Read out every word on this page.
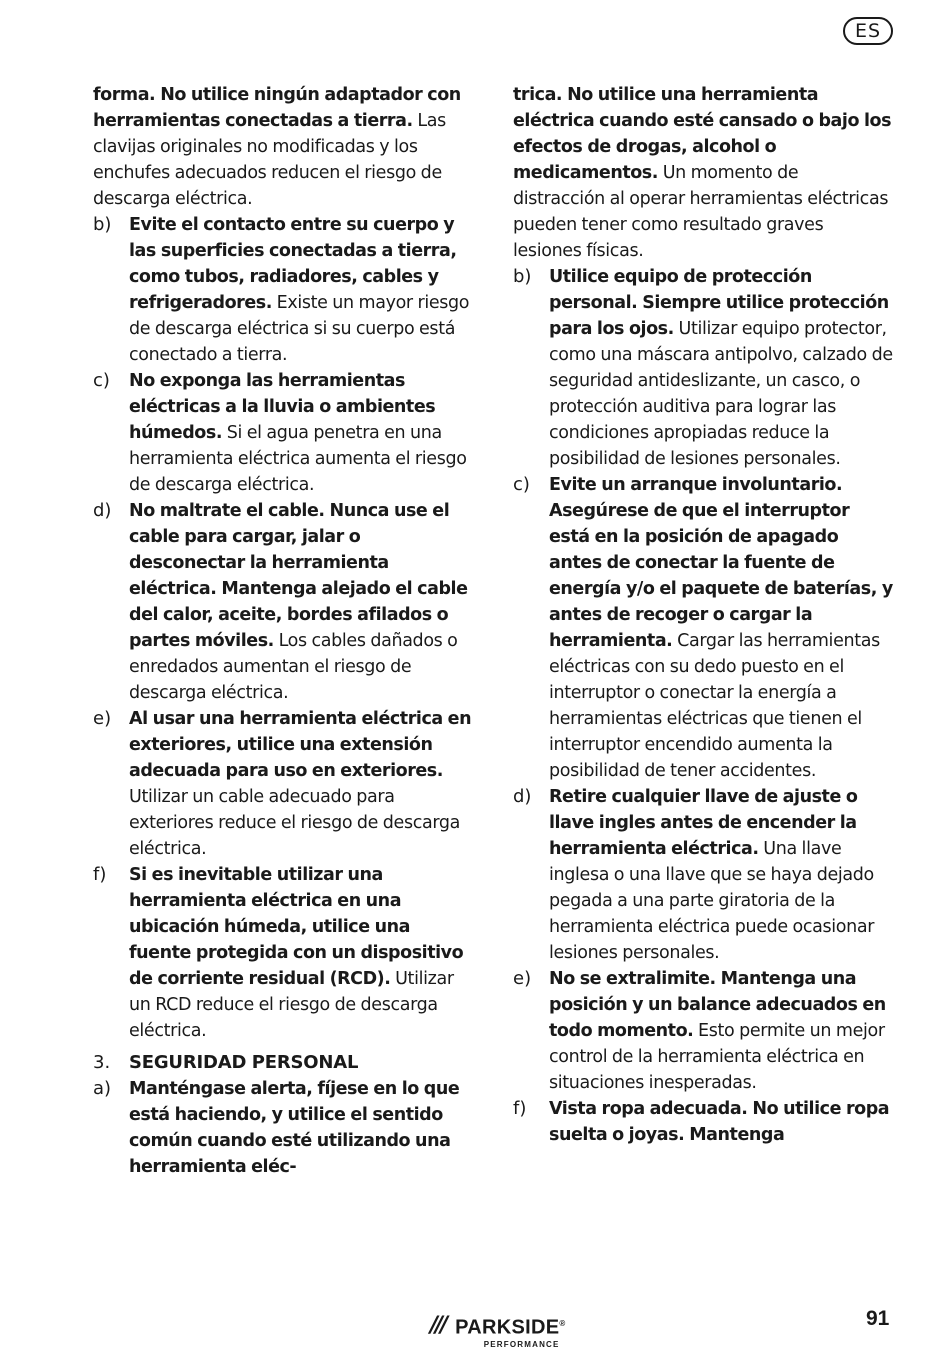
ES

forma. No utilice ningún adaptador con herramientas conectadas a tierra. Las clavijas originales no modificadas y los enchufes adecuados reducen el riesgo de descarga eléctrica.

b) Evite el contacto entre su cuerpo y las superficies conectadas a tierra, como tubos, radiadores, cables y refrigeradores. Existe un mayor riesgo de descarga eléctrica si su cuerpo está conectado a tierra.

c) No exponga las herramientas eléctricas a la lluvia o ambientes húmedos. Si el agua penetra en una herramienta eléctrica aumenta el riesgo de descarga eléctrica.

d) No maltrate el cable. Nunca use el cable para cargar, jalar o desconectar la herramienta eléctrica. Mantenga alejado el cable del calor, aceite, bordes afilados o partes móviles. Los cables dañados o enredados aumentan el riesgo de descarga eléctrica.

e) Al usar una herramienta eléctrica en exteriores, utilice una extensión adecuada para uso en exteriores. Utilizar un cable adecuado para exteriores reduce el riesgo de descarga eléctrica.

f) Si es inevitable utilizar una herramienta eléctrica en una ubicación húmeda, utilice una fuente protegida con un dispositivo de corriente residual (RCD). Utilizar un RCD reduce el riesgo de descarga eléctrica.

3. SEGURIDAD PERSONAL

a) Manténgase alerta, fíjese en lo que está haciendo, y utilice el sentido común cuando esté utilizando una herramienta eléc-

trica. No utilice una herramienta eléctrica cuando esté cansado o bajo los efectos de drogas, alcohol o medicamentos. Un momento de distracción al operar herramientas eléctricas pueden tener como resultado graves lesiones físicas.

b) Utilice equipo de protección personal. Siempre utilice protección para los ojos. Utilizar equipo protector, como una máscara antipolvo, calzado de seguridad antideslizante, un casco, o protección auditiva para lograr las condiciones apropiadas reduce la posibilidad de lesiones personales.

c) Evite un arranque involuntario. Asegúrese de que el interruptor está en la posición de apagado antes de conectar la fuente de energía y/o el paquete de baterías, y antes de recoger o cargar la herramienta. Cargar las herramientas eléctricas con su dedo puesto en el interruptor o conectar la energía a herramientas eléctricas que tienen el interruptor encendido aumenta la posibilidad de tener accidentes.

d) Retire cualquier llave de ajuste o llave ingles antes de encender la herramienta eléctrica. Una llave inglesa o una llave que se haya dejado pegada a una parte giratoria de la herramienta eléctrica puede ocasionar lesiones personales.

e) No se extralimite. Mantenga una posición y un balance adecuados en todo momento. Esto permite un mejor control de la herramienta eléctrica en situaciones inesperadas.

f) Vista ropa adecuada. No utilice ropa suelta o joyas. Mantenga

/// PARKSIDE®
PERFORMANCE
91
